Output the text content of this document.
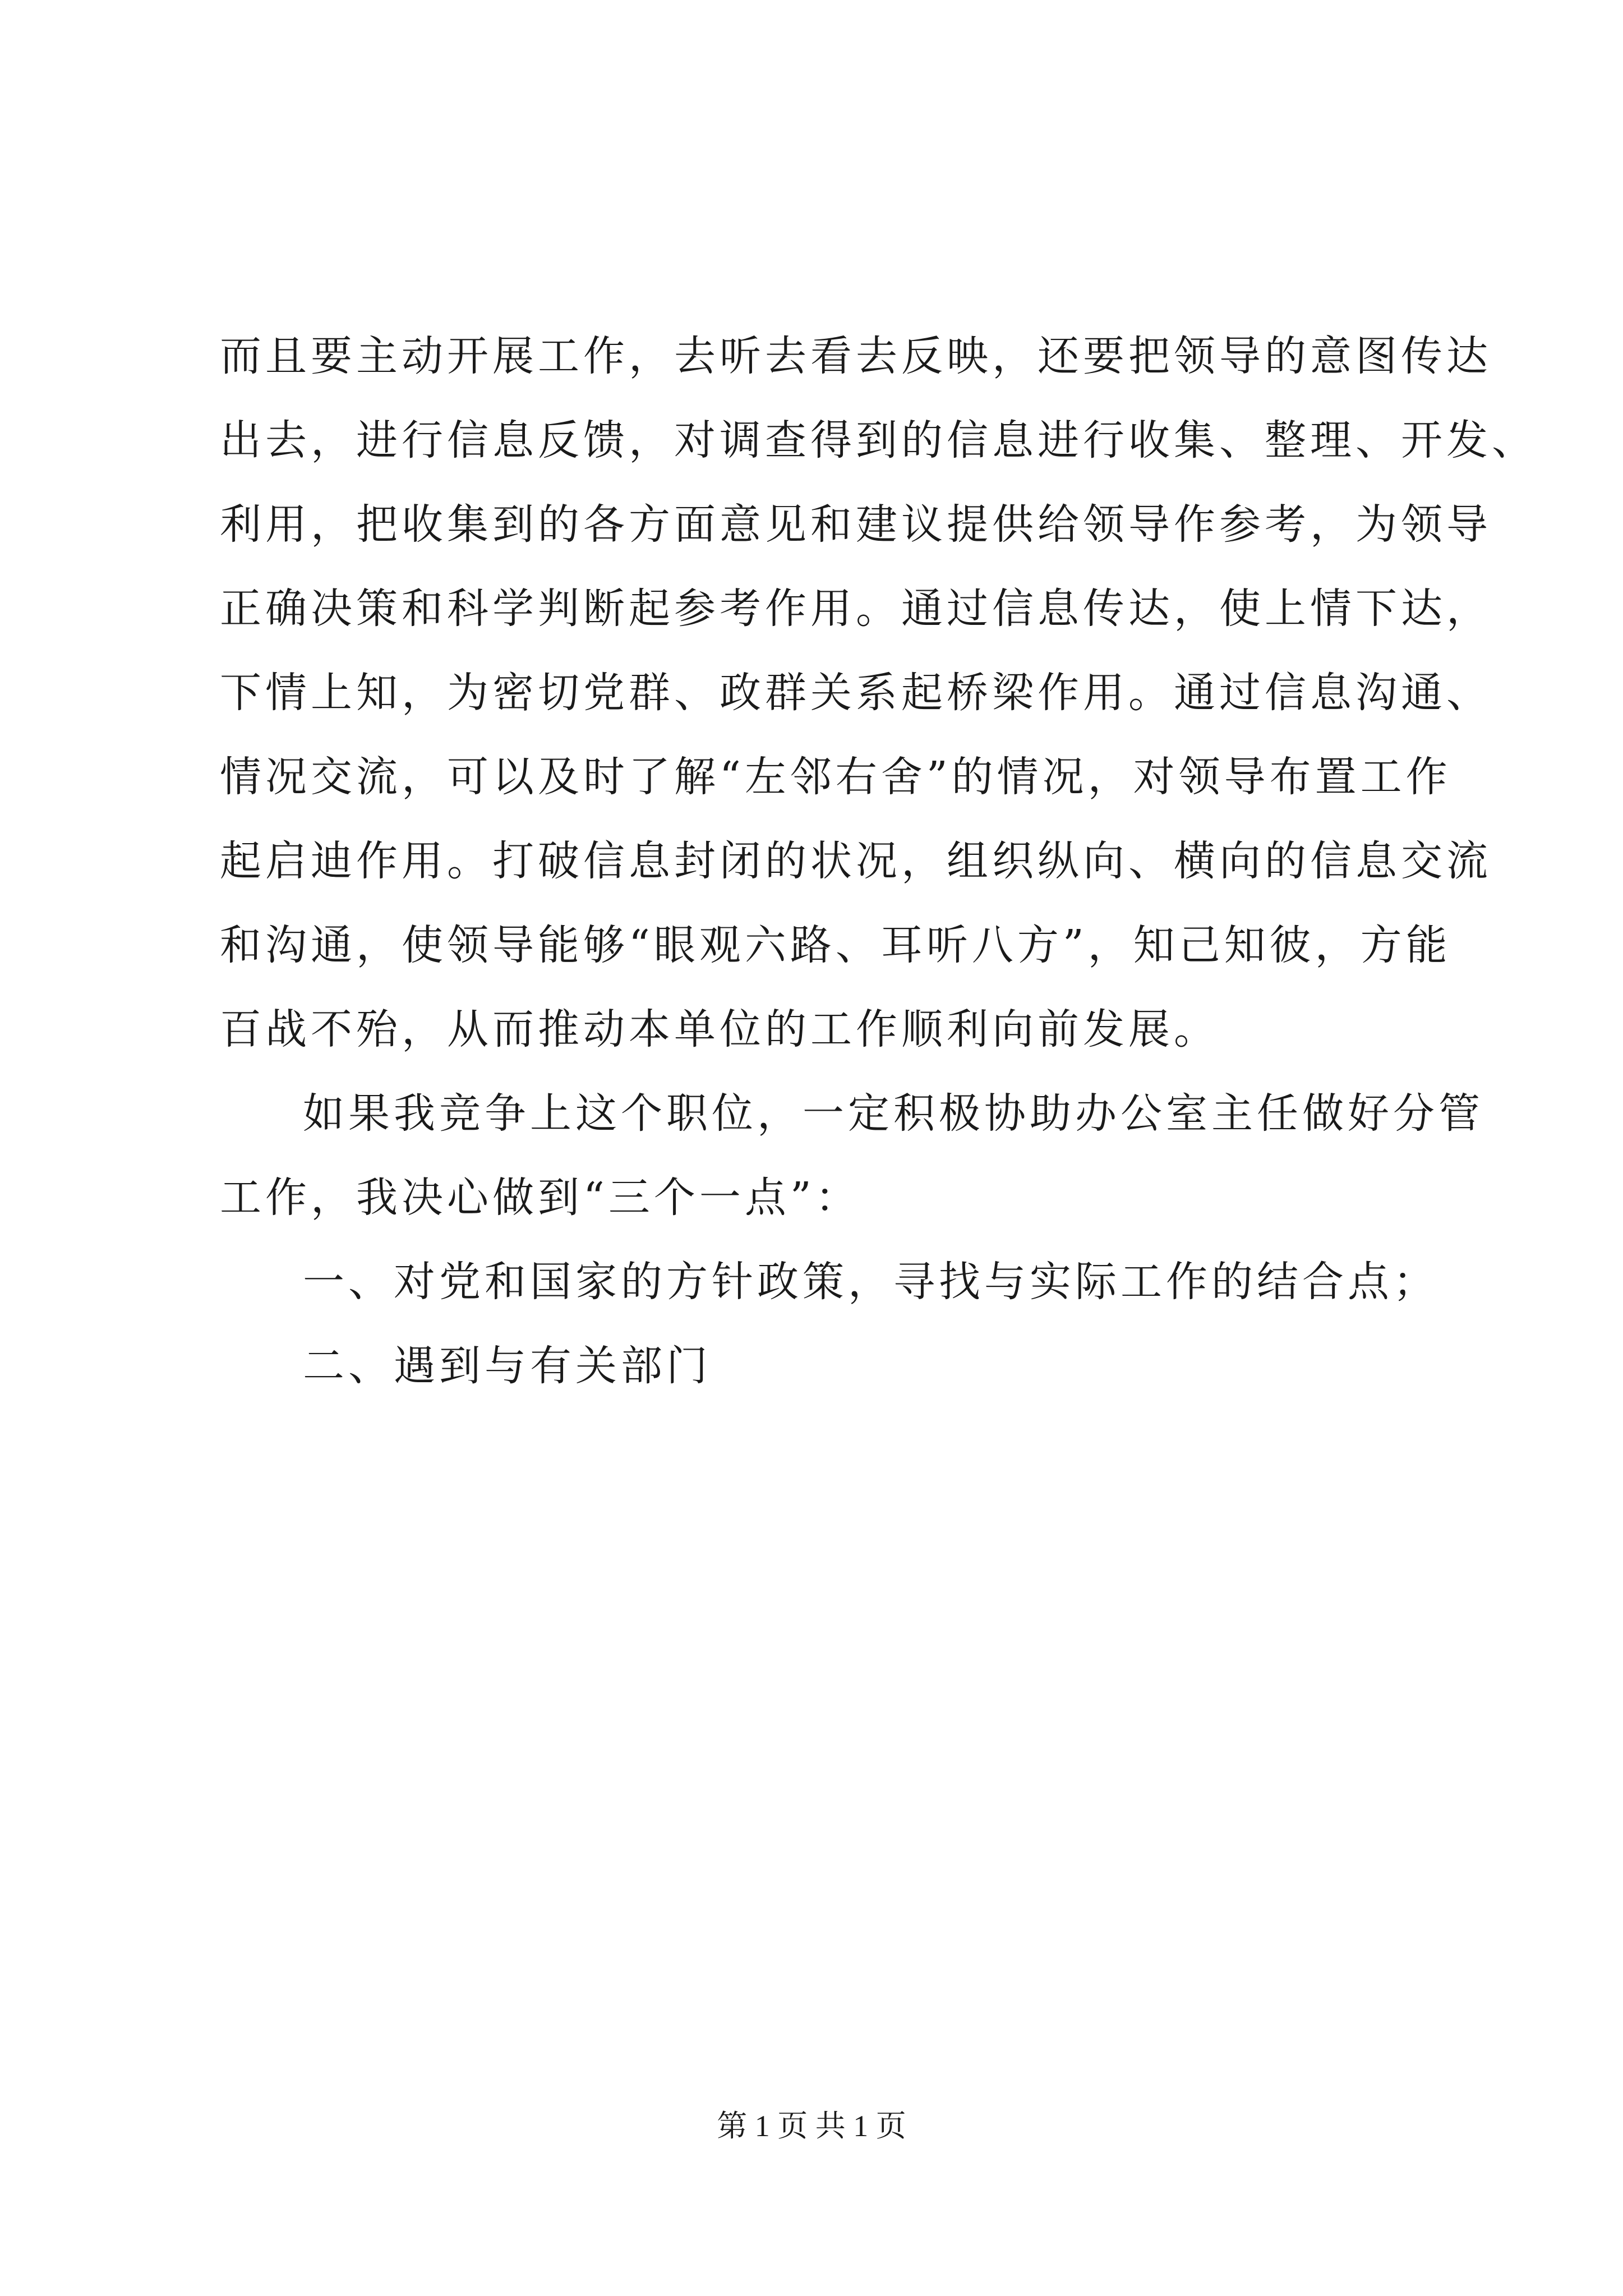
而且要主动开展工作，去听去看去反映，还要把领导的意图传达
出去，进行信息反馈，对调查得到的信息进行收集、整理、开发、
利用，把收集到的各方面意见和建议提供给领导作参考，为领导
正确决策和科学判断起参考作用。通过信息传达，使上情下达，
下情上知，为密切党群、政群关系起桥梁作用。通过信息沟通、
情况交流，可以及时了解“左邻右舍”的情况，对领导布置工作
起启迪作用。打破信息封闭的状况，组织纵向、横向的信息交流
和沟通，使领导能够“眼观六路、耳听八方”，知己知彼，方能
百战不殆，从而推动本单位的工作顺利向前发展。
如果我竞争上这个职位，一定积极协助办公室主任做好分管
工作，我决心做到“三个一点”：
一、对党和国家的方针政策，寻找与实际工作的结合点；
二、遇到与有关部门
第 1 页 共 1 页
